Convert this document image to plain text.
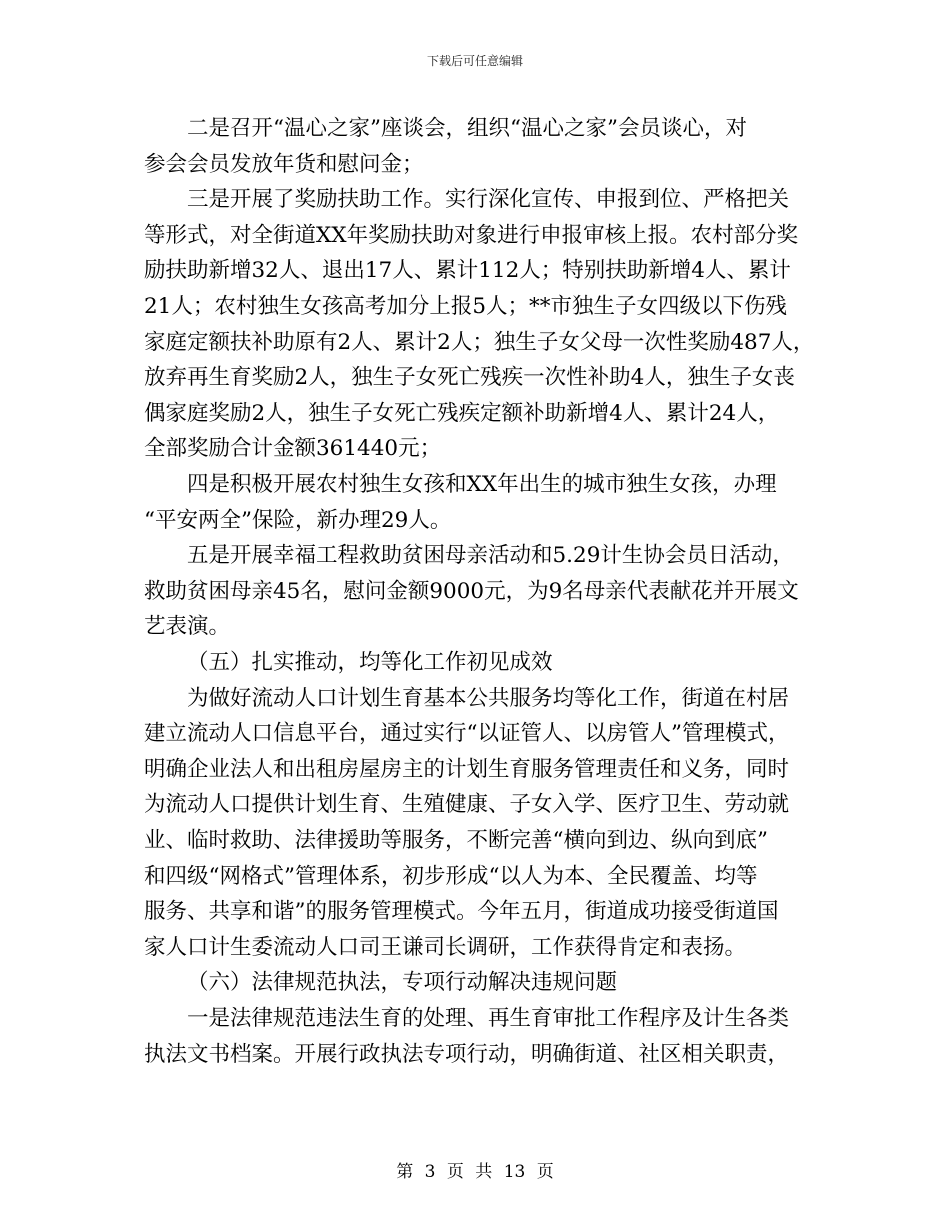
下载后可任意编辑
二是召开“温心之家”座谈会，组织“温心之家”会员谈心，对
参会会员发放年货和慰问金；
三是开展了奖励扶助工作。实行深化宣传、申报到位、严格把关
等形式，对全街道XX年奖励扶助对象进行申报审核上报。农村部分奖
励扶助新增32人、退出17人、累计112人；特别扶助新增4人、累计
21人；农村独生女孩高考加分上报5人；**市独生子女四级以下伤残
家庭定额扶补助原有2人、累计2人；独生子女父母一次性奖励487人，
放弃再生育奖励2人，独生子女死亡残疾一次性补助4人，独生子女丧
偶家庭奖励2人，独生子女死亡残疾定额补助新增4人、累计24人，
全部奖励合计金额361440元；
四是积极开展农村独生女孩和XX年出生的城市独生女孩，办理
“平安两全”保险，新办理29人。
五是开展幸福工程救助贫困母亲活动和5.29计生协会员日活动，
救助贫困母亲45名，慰问金额9000元，为9名母亲代表献花并开展文
艺表演。
（五）扎实推动，均等化工作初见成效
为做好流动人口计划生育基本公共服务均等化工作，街道在村居
建立流动人口信息平台，通过实行“以证管人、以房管人”管理模式，
明确企业法人和出租房屋房主的计划生育服务管理责任和义务，同时
为流动人口提供计划生育、生殖健康、子女入学、医疗卫生、劳动就
业、临时救助、法律援助等服务，不断完善“横向到边、纵向到底”
和四级“网格式”管理体系，初步形成“以人为本、全民覆盖、均等
服务、共享和谐”的服务管理模式。今年五月，街道成功接受街道国
家人口计生委流动人口司王谦司长调研，工作获得肯定和表扬。
（六）法律规范执法，专项行动解决违规问题
一是法律规范违法生育的处理、再生育审批工作程序及计生各类
执法文书档案。开展行政执法专项行动，明确街道、社区相关职责，
第 3 页 共 13 页
